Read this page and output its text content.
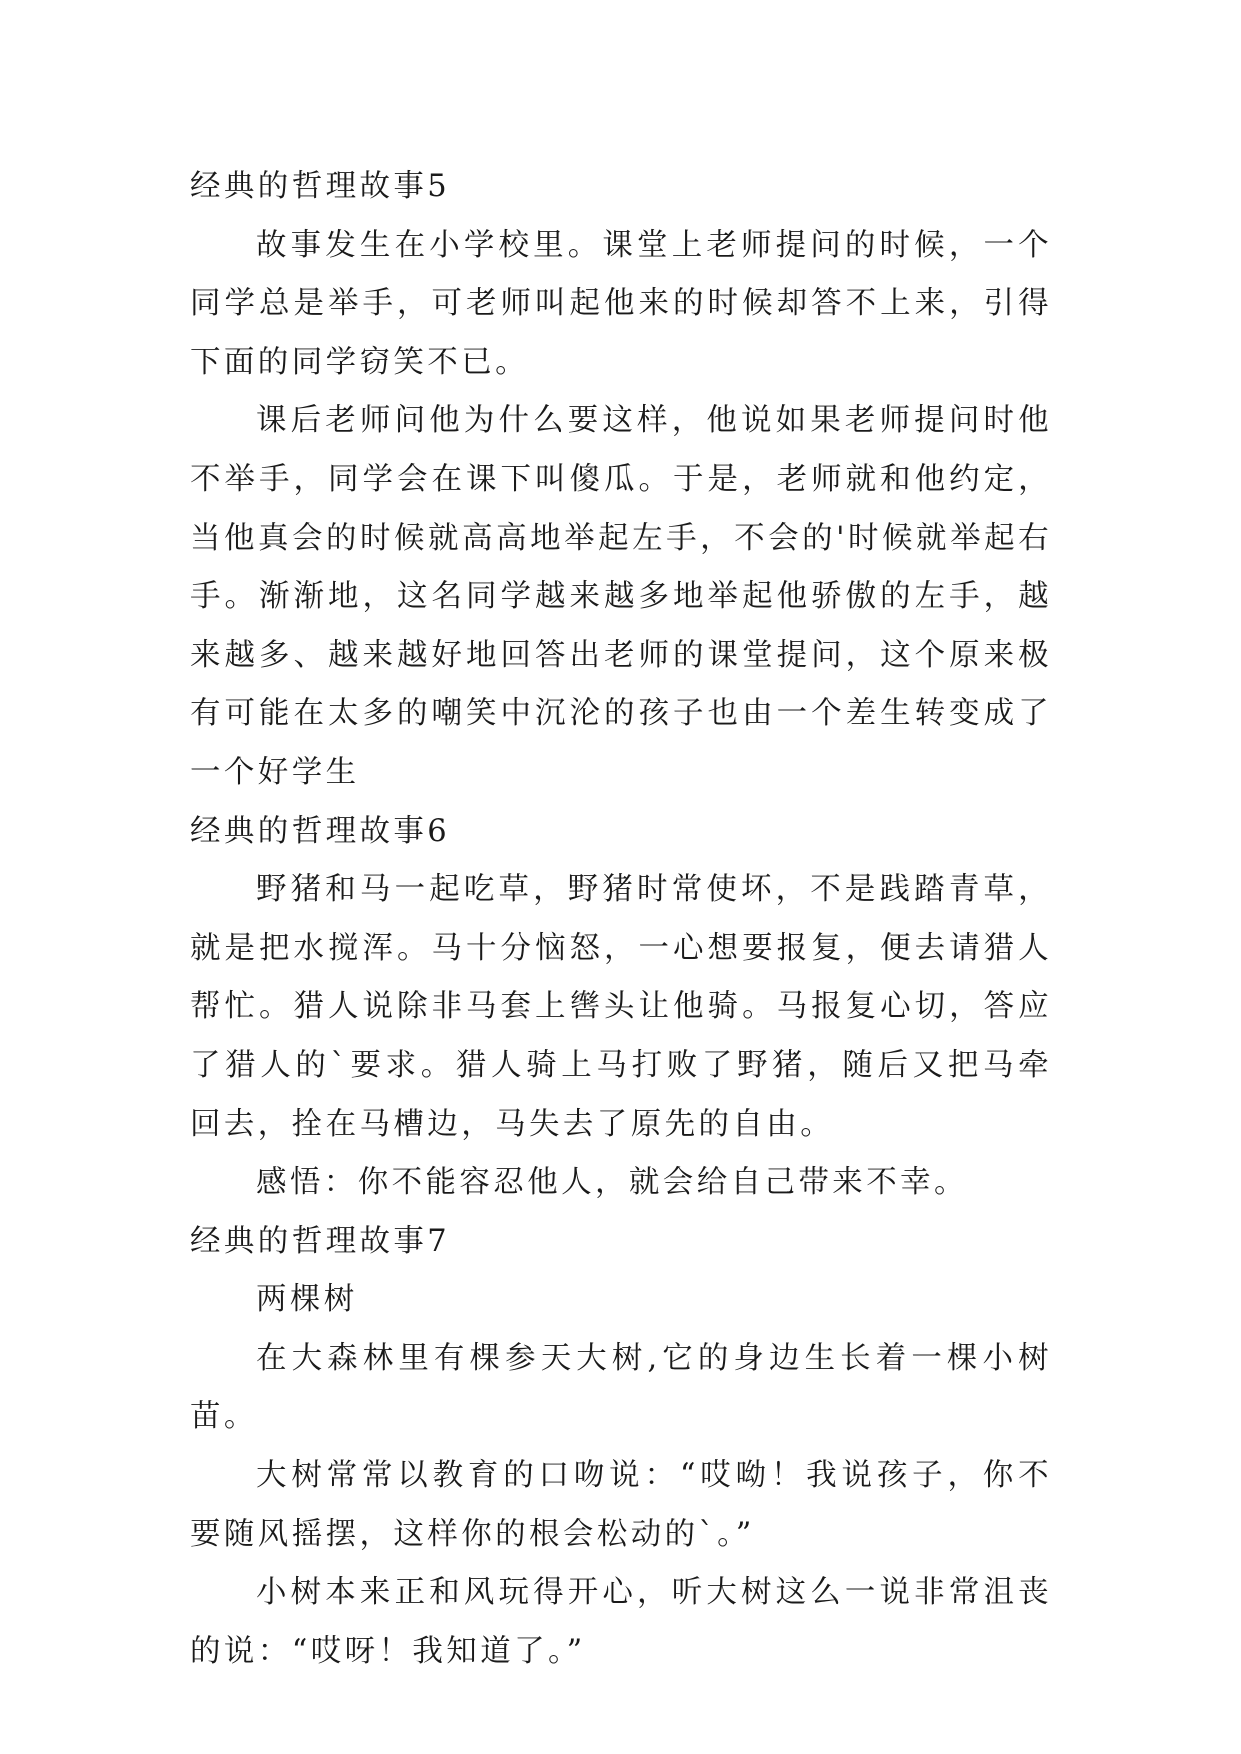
经典的哲理故事5

故事发生在小学校里。课堂上老师提问的时候，一个同学总是举手，可老师叫起他来的时候却答不上来，引得下面的同学窃笑不已。

课后老师问他为什么要这样，他说如果老师提问时他不举手，同学会在课下叫傻瓜。于是，老师就和他约定，当他真会的时候就高高地举起左手，不会的'时候就举起右手。渐渐地，这名同学越来越多地举起他骄傲的左手，越来越多、越来越好地回答出老师的课堂提问，这个原来极有可能在太多的嘲笑中沉沦的孩子也由一个差生转变成了一个好学生

经典的哲理故事6

野猪和马一起吃草，野猪时常使坏，不是践踏青草，就是把水搅浑。马十分恼怒，一心想要报复，便去请猎人帮忙。猎人说除非马套上辔头让他骑。马报复心切，答应了猎人的`要求。猎人骑上马打败了野猪，随后又把马牵回去，拴在马槽边，马失去了原先的自由。

感悟：你不能容忍他人，就会给自己带来不幸。

经典的哲理故事7

两棵树

在大森林里有棵参天大树,它的身边生长着一棵小树苗。

大树常常以教育的口吻说：“哎呦！我说孩子，你不要随风摇摆，这样你的根会松动的`。”

小树本来正和风玩得开心，听大树这么一说非常沮丧的说：“哎呀！我知道了。”
